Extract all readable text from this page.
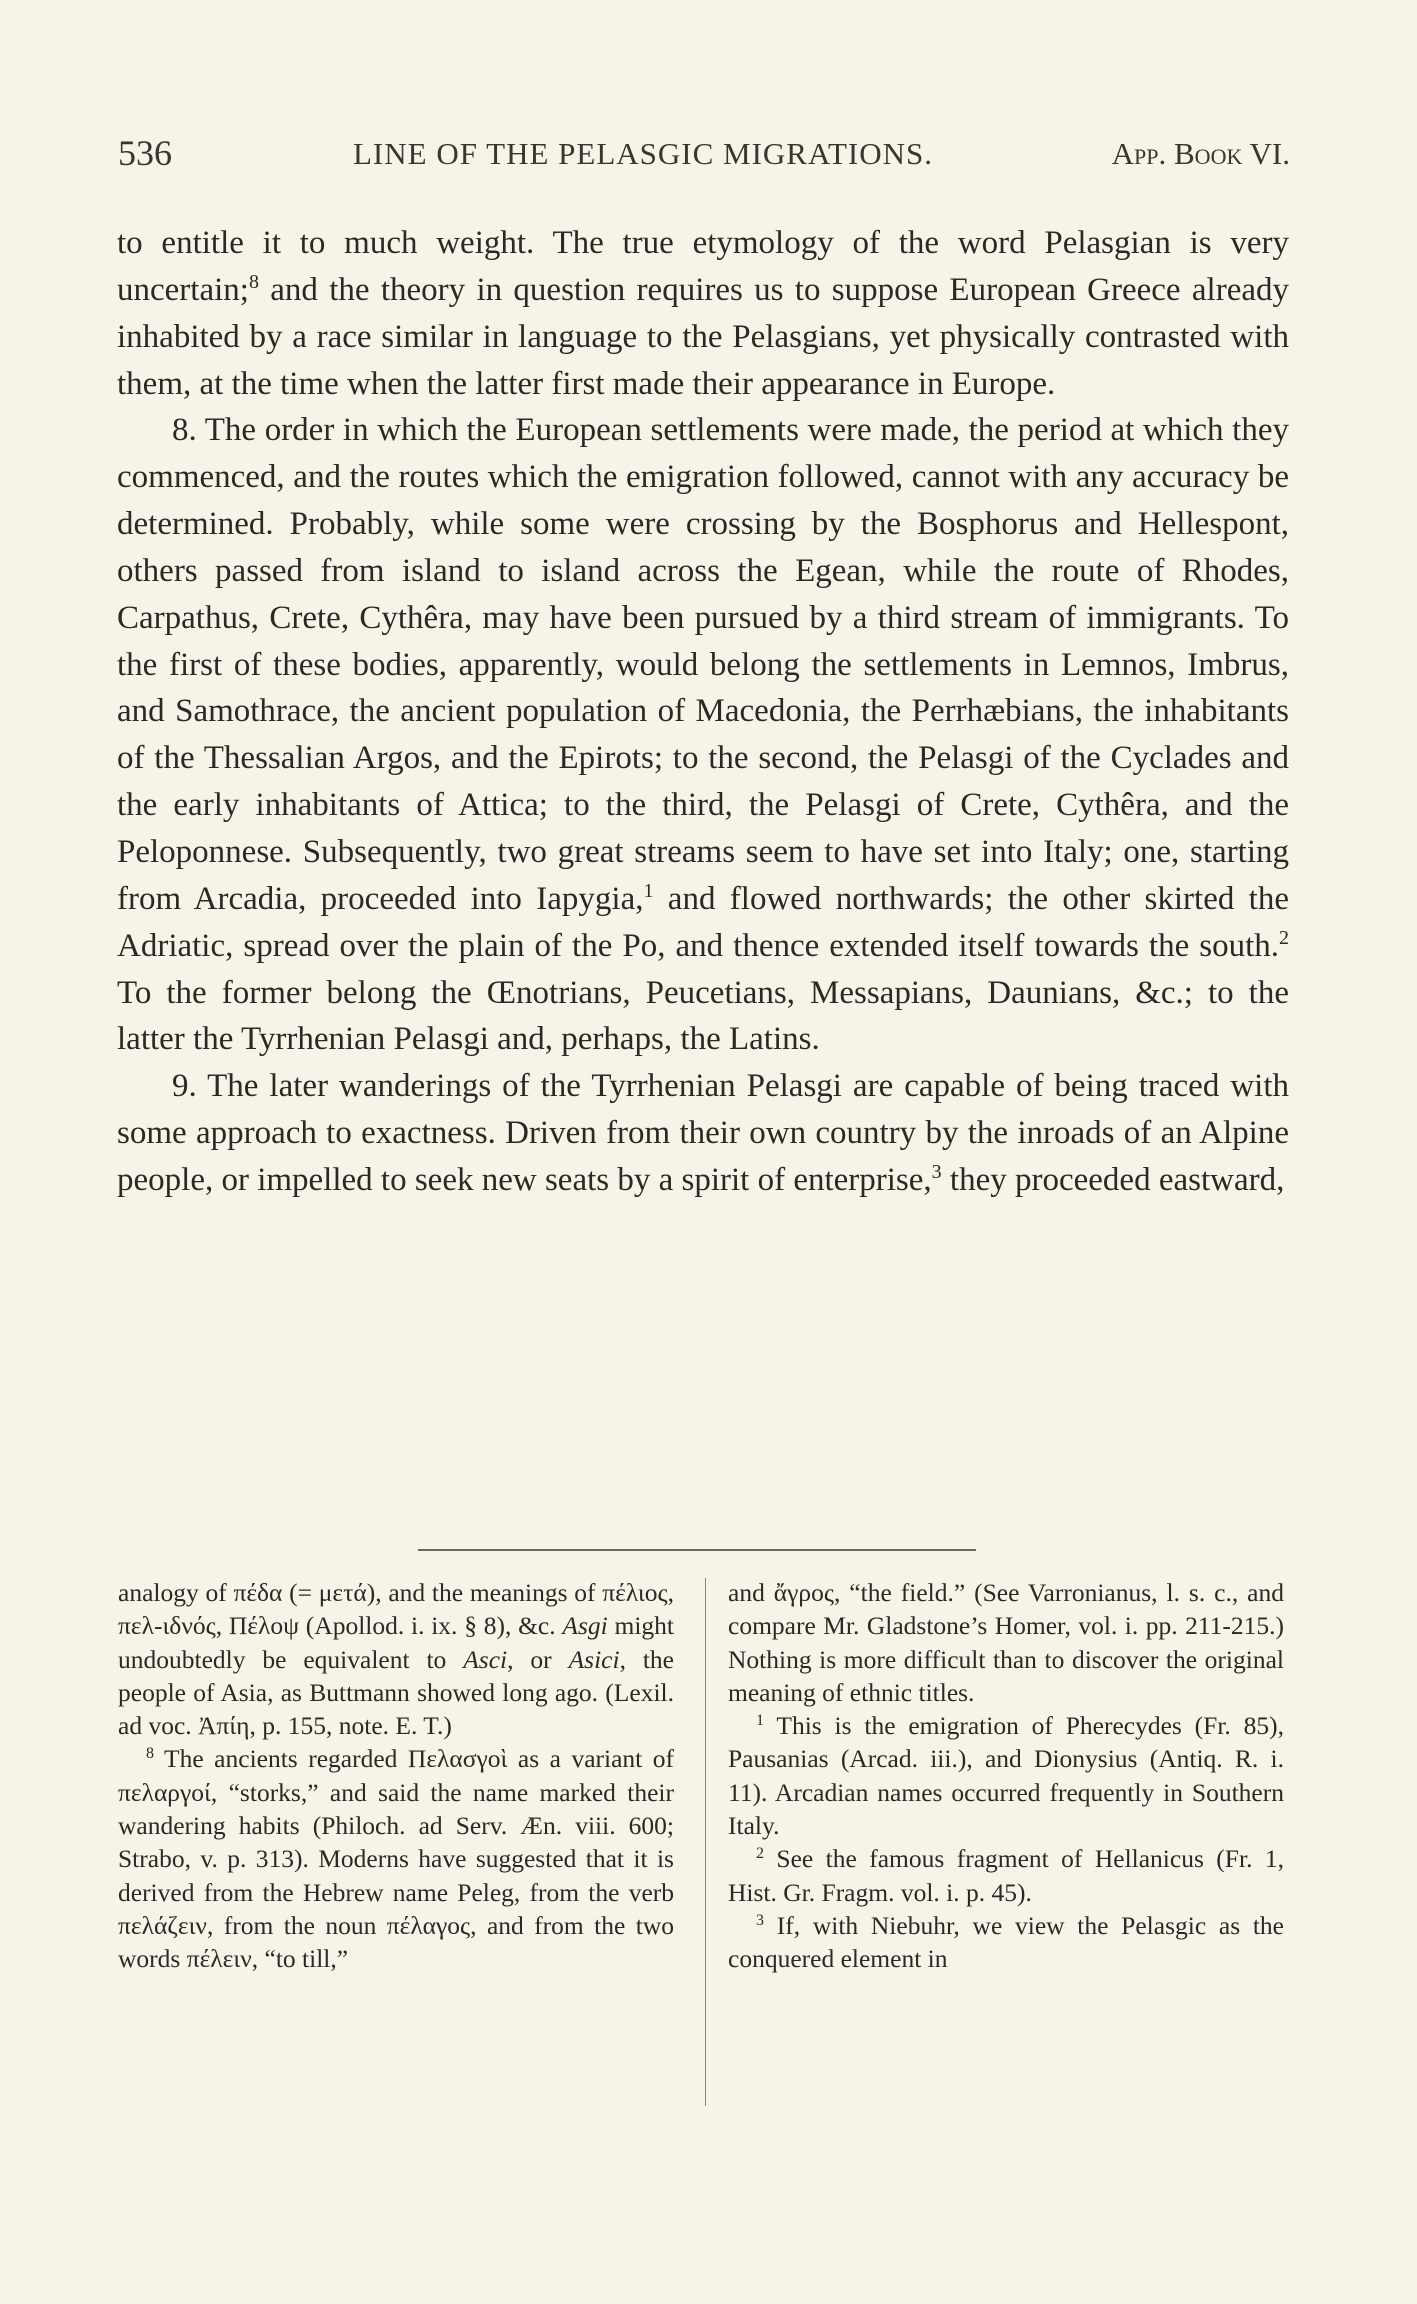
536	LINE OF THE PELASGIC MIGRATIONS.	App. Book VI.

to entitle it to much weight. The true etymology of the word Pelasgian is very uncertain;$^8$ and the theory in question requires us to suppose European Greece already inhabited by a race similar in language to the Pelasgians, yet physically contrasted with them, at the time when the latter first made their appearance in Europe.

8. The order in which the European settlements were made, the period at which they commenced, and the routes which the emigration followed, cannot with any accuracy be determined. Probably, while some were crossing by the Bosphorus and Hellespont, others passed from island to island across the Egean, while the route of Rhodes, Carpathus, Crete, Cythêra, may have been pursued by a third stream of immigrants. To the first of these bodies, apparently, would belong the settlements in Lemnos, Imbrus, and Samothrace, the ancient population of Macedonia, the Perrhæbians, the inhabitants of the Thessalian Argos, and the Epirots; to the second, the Pelasgi of the Cyclades and the early inhabitants of Attica; to the third, the Pelasgi of Crete, Cythêra, and the Peloponnese. Subsequently, two great streams seem to have set into Italy; one, starting from Arcadia, proceeded into Iapygia,$^1$ and flowed northwards; the other skirted the Adriatic, spread over the plain of the Po, and thence extended itself towards the south.$^2$ To the former belong the Œnotrians, Peucetians, Messapians, Daunians, &c.; to the latter the Tyrrhenian Pelasgi and, perhaps, the Latins.

9. The later wanderings of the Tyrrhenian Pelasgi are capable of being traced with some approach to exactness. Driven from their own country by the inroads of an Alpine people, or impelled to seek new seats by a spirit of enterprise,$^3$ they proceeded eastward,

analogy of πέδα (= μετά), and the meanings of πέλιος, πελ-ιδνός, Πέλοψ (Apollod. i. ix. § 8), &c. Asgi might undoubtedly be equivalent to Asci, or Asici, the people of Asia, as Buttmann showed long ago. (Lexil. ad voc. Ἀπίη, p. 155, note. E. T.)

$^8$ The ancients regarded Πελασγοὶ as a variant of πελαργοί, “storks,” and said the name marked their wandering habits (Philoch. ad Serv. Æn. viii. 600; Strabo, v. p. 313). Moderns have suggested that it is derived from the Hebrew name Peleg, from the verb πελάζειν, from the noun πέλαγος, and from the two words πέλειν, “to till,”

and ἄγρος, “the field.” (See Varronianus, l. s. c., and compare Mr. Gladstone’s Homer, vol. i. pp. 211-215.) Nothing is more difficult than to discover the original meaning of ethnic titles.

$^1$ This is the emigration of Pherecydes (Fr. 85), Pausanias (Arcad. iii.), and Dionysius (Antiq. R. i. 11). Arcadian names occurred frequently in Southern Italy.

$^2$ See the famous fragment of Hellanicus (Fr. 1, Hist. Gr. Fragm. vol. i. p. 45).

$^3$ If, with Niebuhr, we view the Pelasgic as the conquered element in
